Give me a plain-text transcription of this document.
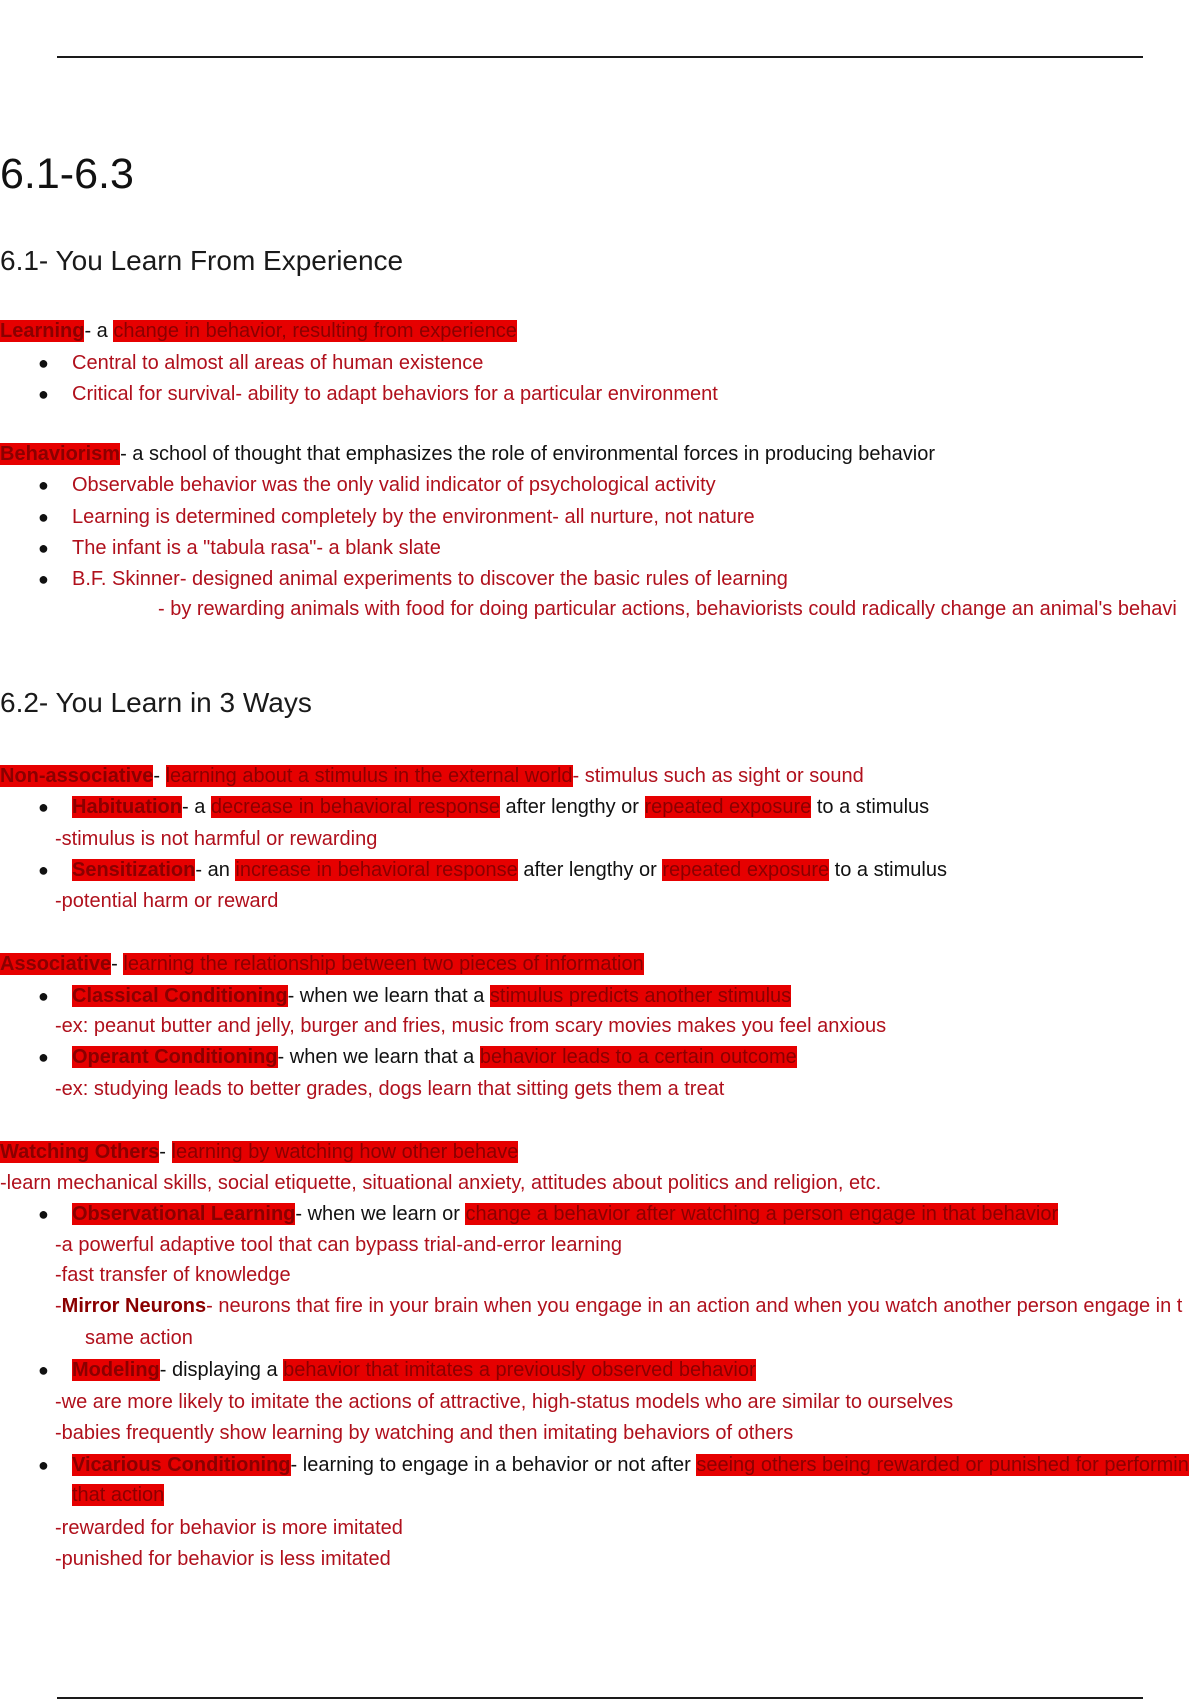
6.1-6.3
6.1- You Learn From Experience
Learning- a change in behavior, resulting from experience
● Central to almost all areas of human existence
● Critical for survival- ability to adapt behaviors for a particular environment
Behaviorism- a school of thought that emphasizes the role of environmental forces in producing behavior
● Observable behavior was the only valid indicator of psychological activity
● Learning is determined completely by the environment- all nurture, not nature
● The infant is a "tabula rasa"- a blank slate
● B.F. Skinner- designed animal experiments to discover the basic rules of learning
- by rewarding animals with food for doing particular actions, behaviorists could radically change an animal's behavi
6.2- You Learn in 3 Ways
Non-associative- learning about a stimulus in the external world- stimulus such as sight or sound
● Habituation- a decrease in behavioral response after lengthy or repeated exposure to a stimulus
-stimulus is not harmful or rewarding
● Sensitization- an increase in behavioral response after lengthy or repeated exposure to a stimulus
-potential harm or reward
Associative- learning the relationship between two pieces of information
● Classical Conditioning- when we learn that a stimulus predicts another stimulus
-ex: peanut butter and jelly, burger and fries, music from scary movies makes you feel anxious
● Operant Conditioning- when we learn that a behavior leads to a certain outcome
-ex: studying leads to better grades, dogs learn that sitting gets them a treat
Watching Others- learning by watching how other behave
-learn mechanical skills, social etiquette, situational anxiety, attitudes about politics and religion, etc.
● Observational Learning- when we learn or change a behavior after watching a person engage in that behavior
-a powerful adaptive tool that can bypass trial-and-error learning
-fast transfer of knowledge
-Mirror Neurons- neurons that fire in your brain when you engage in an action and when you watch another person engage in t
same action
● Modeling- displaying a behavior that imitates a previously observed behavior
-we are more likely to imitate the actions of attractive, high-status models who are similar to ourselves
-babies frequently show learning by watching and then imitating behaviors of others
● Vicarious Conditioning- learning to engage in a behavior or not after seeing others being rewarded or punished for performin
that action
-rewarded for behavior is more imitated
-punished for behavior is less imitated
